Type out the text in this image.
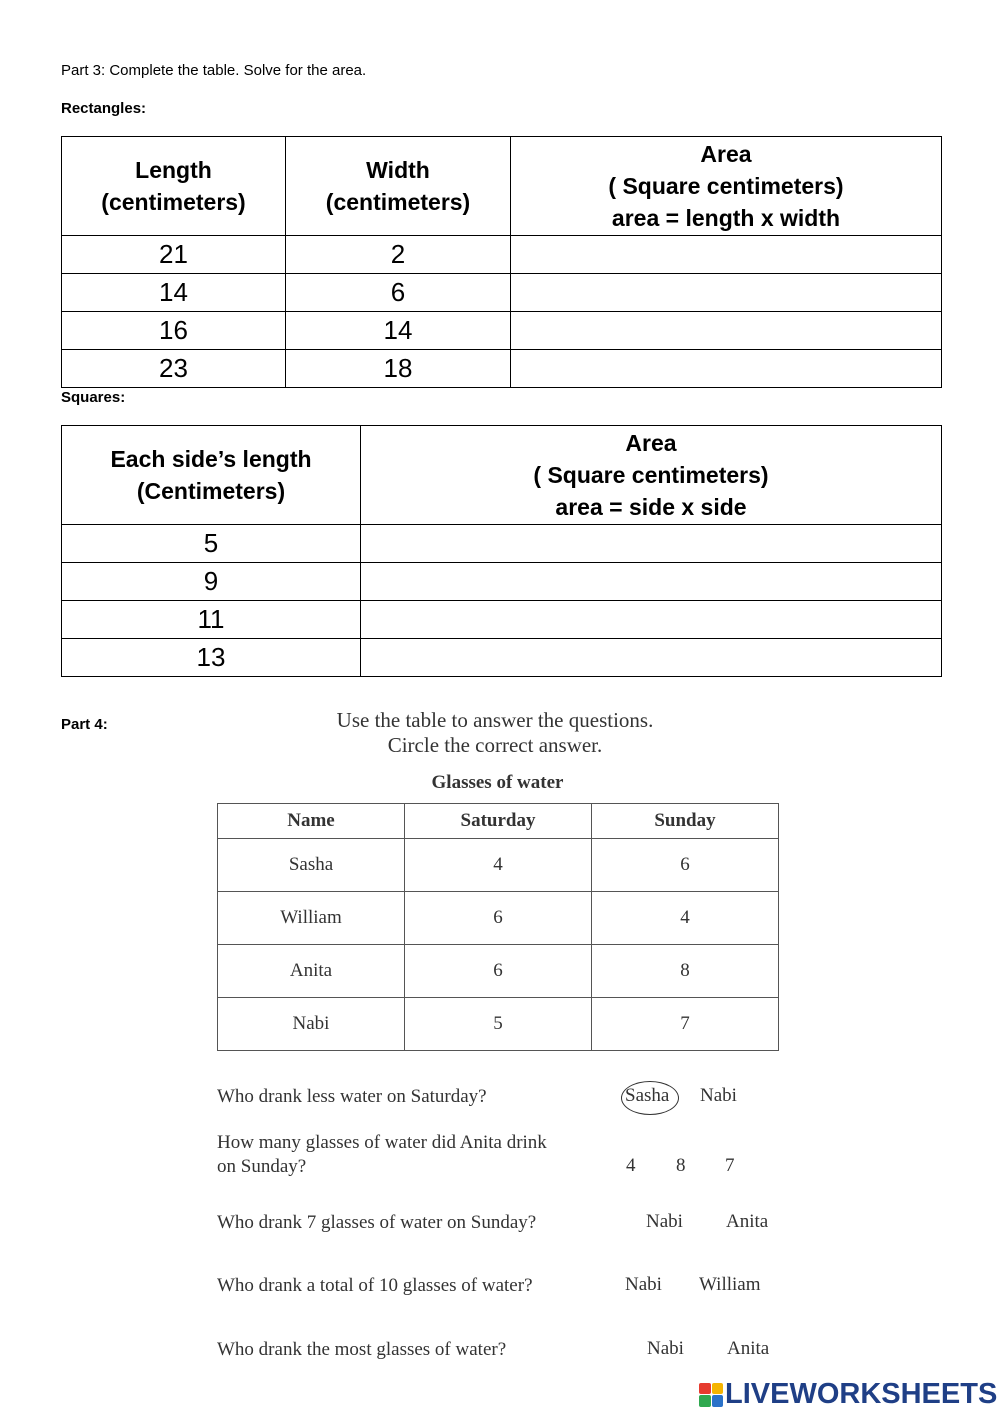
Part 3: Complete the table. Solve for the area.
Rectangles:
Length
(centimeters)	Width
(centimeters)	Area
( Square centimeters)
area = length x width

21	2	
14	6	
16	14	
23	18	
Squares:
Each side’s length
(Centimeters)	Area
( Square centimeters)
area = side x side

5	
9	
11	
13	
Part 4:	Use the table to answer the questions.
Circle the correct answer.
Glasses of water
Name	Saturday	Sunday
Sasha	4	6
William	6	4
Anita	6	8
Nabi	5	7
Who drank less water on Saturday?	Sasha Nabi
How many glasses of water did Anita drink
on Sunday?	4 8 7
Who drank 7 glasses of water on Sunday?	Nabi Anita
Who drank a total of 10 glasses of water?	Nabi William
Who drank the most glasses of water?	Nabi Anita
LIVEWORKSHEETS
